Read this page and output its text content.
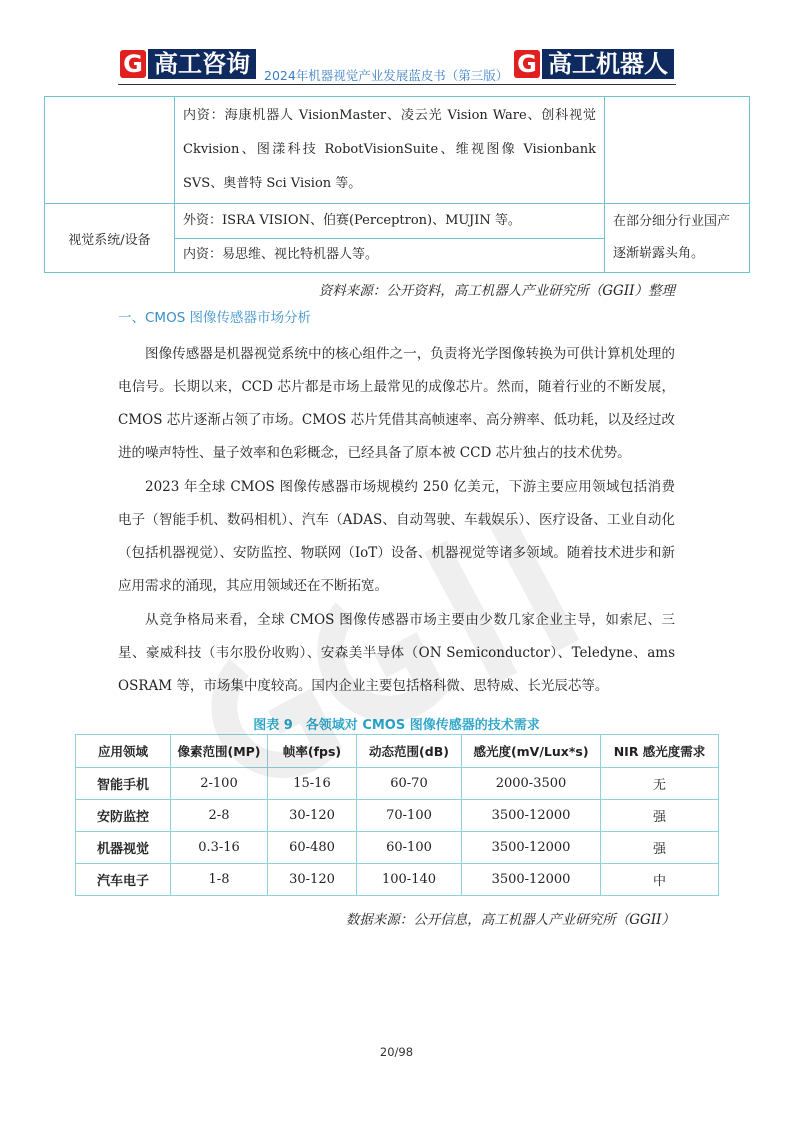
G 高工咨询	2024年机器视觉产业发展蓝皮书（第三版） G 高工机器人
	内资：海康机器人 VisionMaster、凌云光 Vision Ware、创科视觉 Ckvision、图漾科技 RobotVisionSuite、维视图像 Visionbank SVS、奥普特 Sci Vision 等。	
视觉系统/设备	外资：ISRA VISION、伯赛(Perceptron)、MUJIN 等。	在部分细分行业国产逐渐崭露头角。
	内资：易思维、视比特机器人等。	
资料来源：公开资料，高工机器人产业研究所（GGII）整理
一、CMOS 图像传感器市场分析

图像传感器是机器视觉系统中的核心组件之一，负责将光学图像转换为可供计算机处理的电信号。长期以来，CCD 芯片都是市场上最常见的成像芯片。然而，随着行业的不断发展，CMOS 芯片逐渐占领了市场。CMOS 芯片凭借其高帧速率、高分辨率、低功耗，以及经过改进的噪声特性、量子效率和色彩概念，已经具备了原本被 CCD 芯片独占的技术优势。

2023 年全球 CMOS 图像传感器市场规模约 250 亿美元，下游主要应用领域包括消费电子（智能手机、数码相机）、汽车（ADAS、自动驾驶、车载娱乐）、医疗设备、工业自动化（包括机器视觉）、安防监控、物联网（IoT）设备、机器视觉等诸多领域。随着技术进步和新应用需求的涌现，其应用领域还在不断拓宽。

从竞争格局来看，全球 CMOS 图像传感器市场主要由少数几家企业主导，如索尼、三星、豪威科技（韦尔股份收购）、安森美半导体（ON Semiconductor）、Teledyne、ams OSRAM 等，市场集中度较高。国内企业主要包括格科微、思特威、长光辰芯等。

图表 9　各领域对 CMOS 图像传感器的技术需求
应用领域	像素范围(MP)	帧率(fps)	动态范围(dB)	感光度(mV/Lux*s)	NIR 感光度需求
智能手机	2-100	15-16	60-70	2000-3500	无
安防监控	2-8	30-120	70-100	3500-12000	强
机器视觉	0.3-16	60-480	60-100	3500-12000	强
汽车电子	1-8	30-120	100-140	3500-12000	中
数据来源：公开信息，高工机器人产业研究所（GGII）
20/98
